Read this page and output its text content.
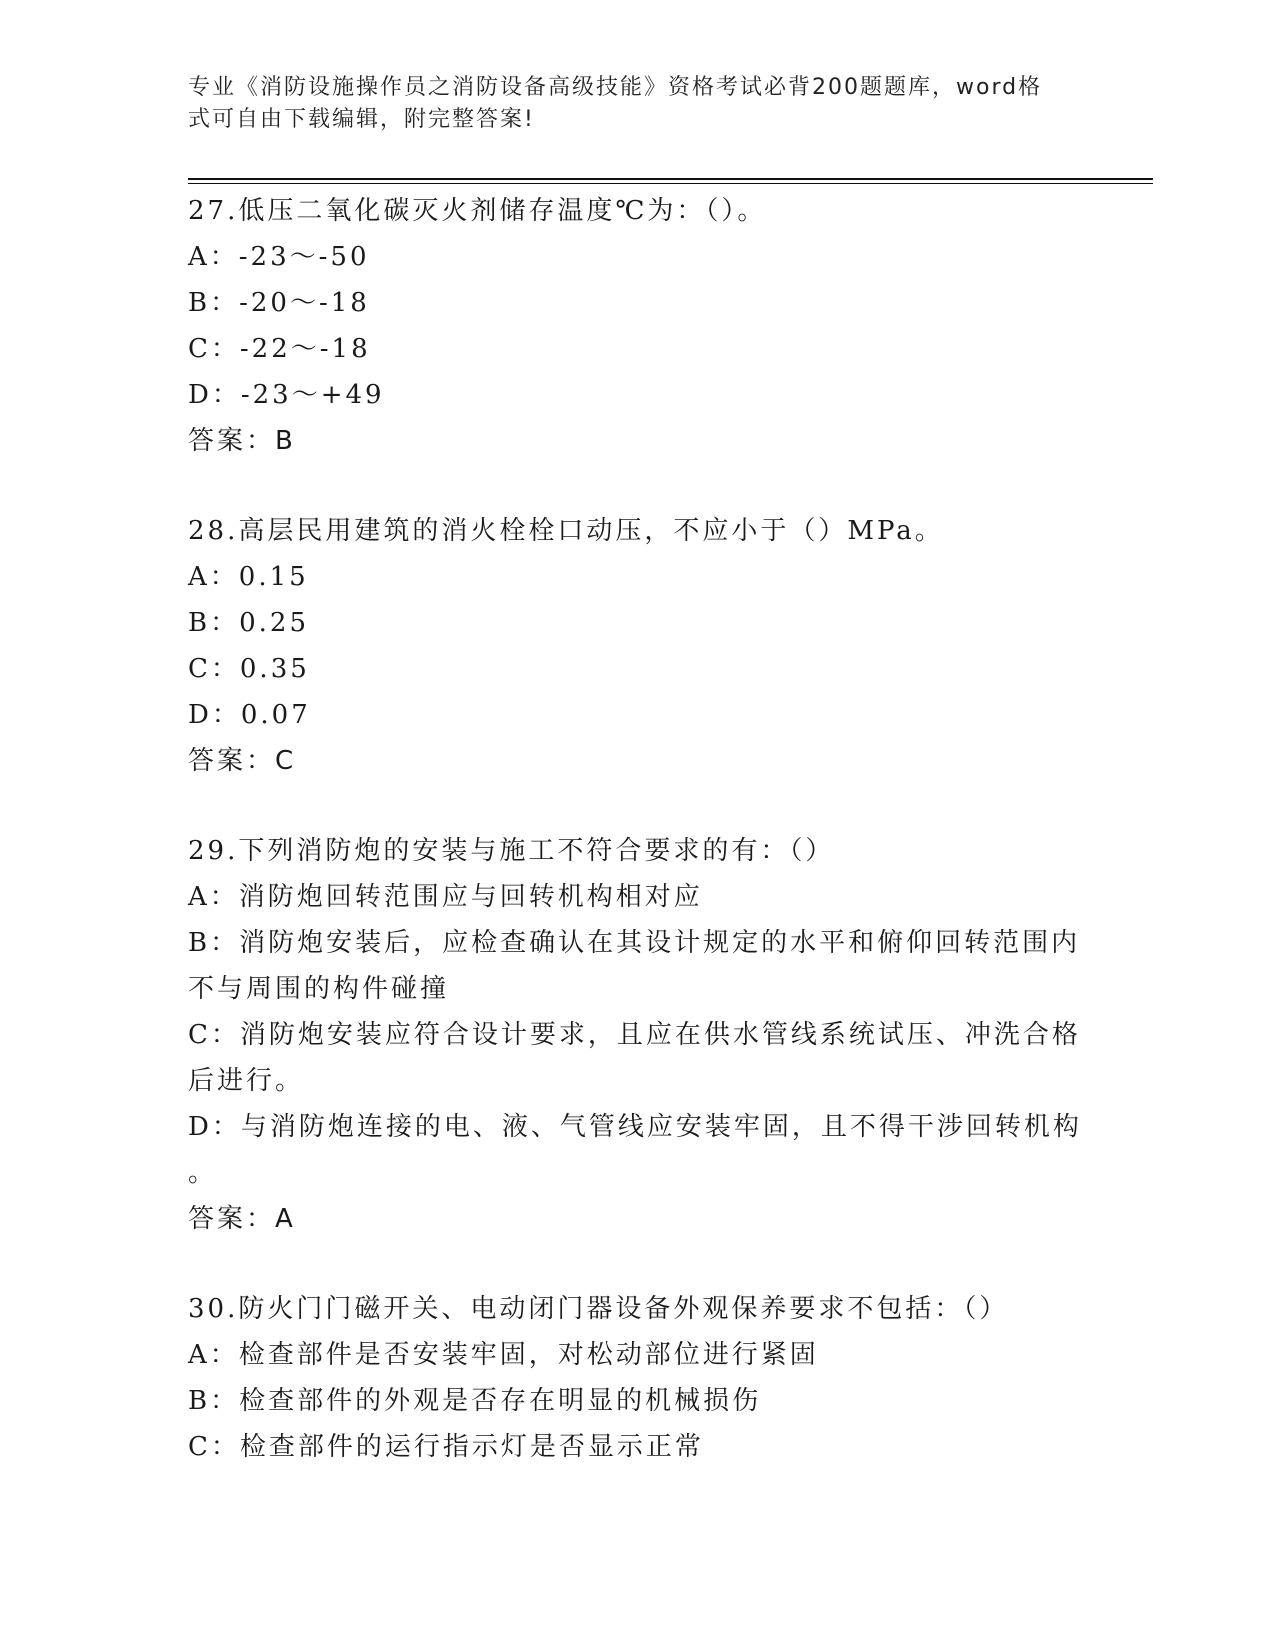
专业《消防设施操作员之消防设备高级技能》资格考试必背200题题库，word格
式可自由下载编辑，附完整答案!
27.低压二氧化碳灭火剂储存温度℃为：（）。
A：-23～-50
B：-20～-18
C：-22～-18
D：-23～+49
答案：B
28.高层民用建筑的消火栓栓口动压，不应小于（）MPa。
A：0.15
B：0.25
C：0.35
D：0.07
答案：C
29.下列消防炮的安装与施工不符合要求的有：（）
A：消防炮回转范围应与回转机构相对应
B：消防炮安装后，应检查确认在其设计规定的水平和俯仰回转范围内
不与周围的构件碰撞
C：消防炮安装应符合设计要求，且应在供水管线系统试压、冲洗合格
后进行。
D：与消防炮连接的电、液、气管线应安装牢固，且不得干涉回转机构
。
答案：A
30.防火门门磁开关、电动闭门器设备外观保养要求不包括：（）
A：检查部件是否安装牢固，对松动部位进行紧固
B：检查部件的外观是否存在明显的机械损伤
C：检查部件的运行指示灯是否显示正常
